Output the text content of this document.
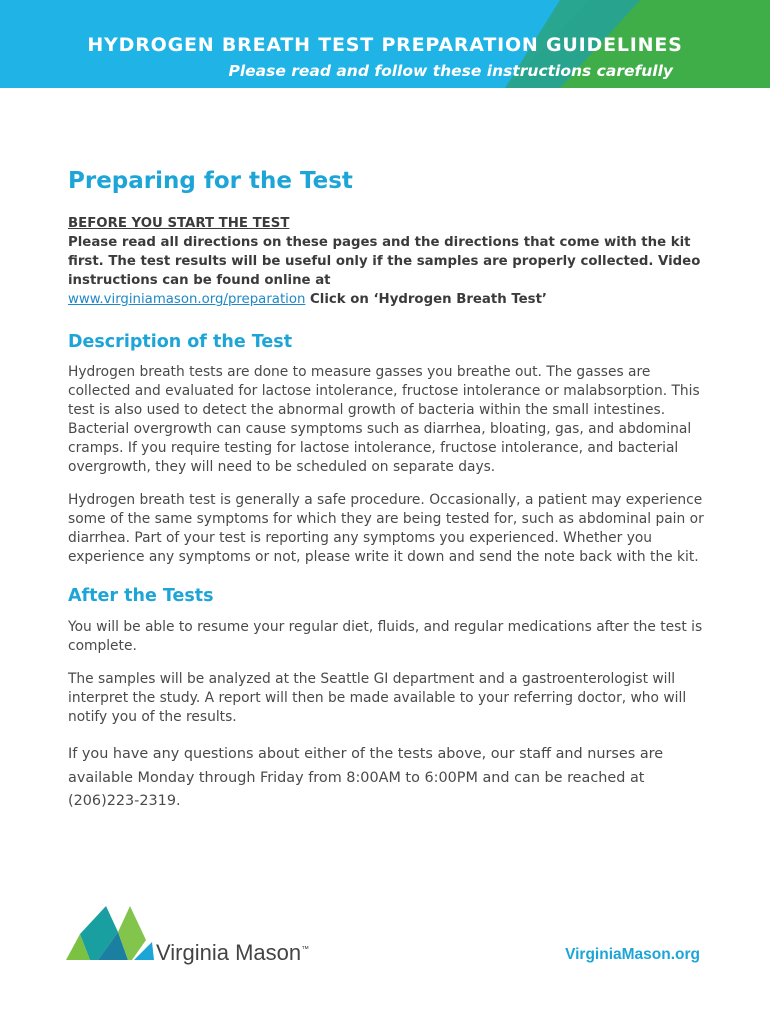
HYDROGEN BREATH TEST PREPARATION GUIDELINES
Please read and follow these instructions carefully
Preparing for the Test
BEFORE YOU START THE TEST

Please read all directions on these pages and the directions that come with the kit first. The test results will be useful only if the samples are properly collected. Video instructions can be found online at
www.virginiamason.org/preparation Click on ‘Hydrogen Breath Test’

Description of the Test

Hydrogen breath tests are done to measure gasses you breathe out. The gasses are collected and evaluated for lactose intolerance, fructose intolerance or malabsorption. This test is also used to detect the abnormal growth of bacteria within the small intestines. Bacterial overgrowth can cause symptoms such as diarrhea, bloating, gas, and abdominal cramps. If you require testing for lactose intolerance, fructose intolerance, and bacterial overgrowth, they will need to be scheduled on separate days.

Hydrogen breath test is generally a safe procedure. Occasionally, a patient may experience some of the same symptoms for which they are being tested for, such as abdominal pain or diarrhea. Part of your test is reporting any symptoms you experienced. Whether you experience any symptoms or not, please write it down and send the note back with the kit.

After the Tests

You will be able to resume your regular diet, fluids, and regular medications after the test is complete.

The samples will be analyzed at the Seattle GI department and a gastroenterologist will interpret the study. A report will then be made available to your referring doctor, who will notify you of the results.

If you have any questions about either of the tests above, our staff and nurses are available Monday through Friday from 8:00AM to 6:00PM and can be reached at (206)223-2319.

Virginia Mason™	VirginiaMason.org
